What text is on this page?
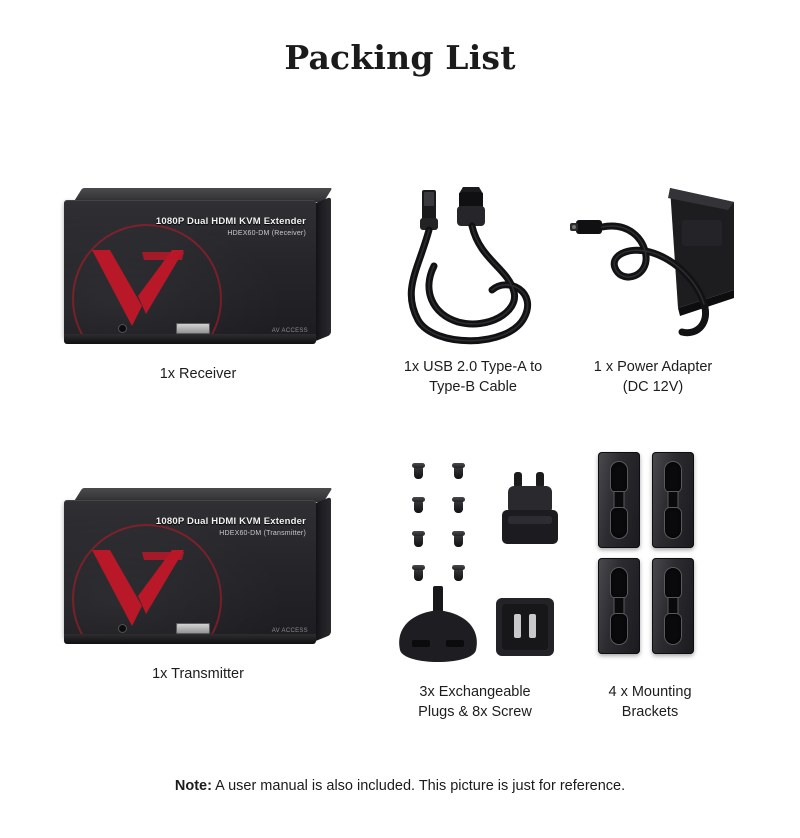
Packing List
1080P Dual HDMI KVM Extender
HDEX60-DM (Receiver)
AV ACCESS
1x Receiver	1x USB 2.0 Type-A to
Type-B Cable
1 x Power Adapter
(DC 12V)
1080P Dual HDMI KVM Extender
HDEX60-DM (Transmitter)
AV ACCESS
1x Transmitter
3x Exchangeable
Plugs & 8x Screw
4 x Mounting
Brackets
Note: A user manual is also included. This picture is just for reference.
